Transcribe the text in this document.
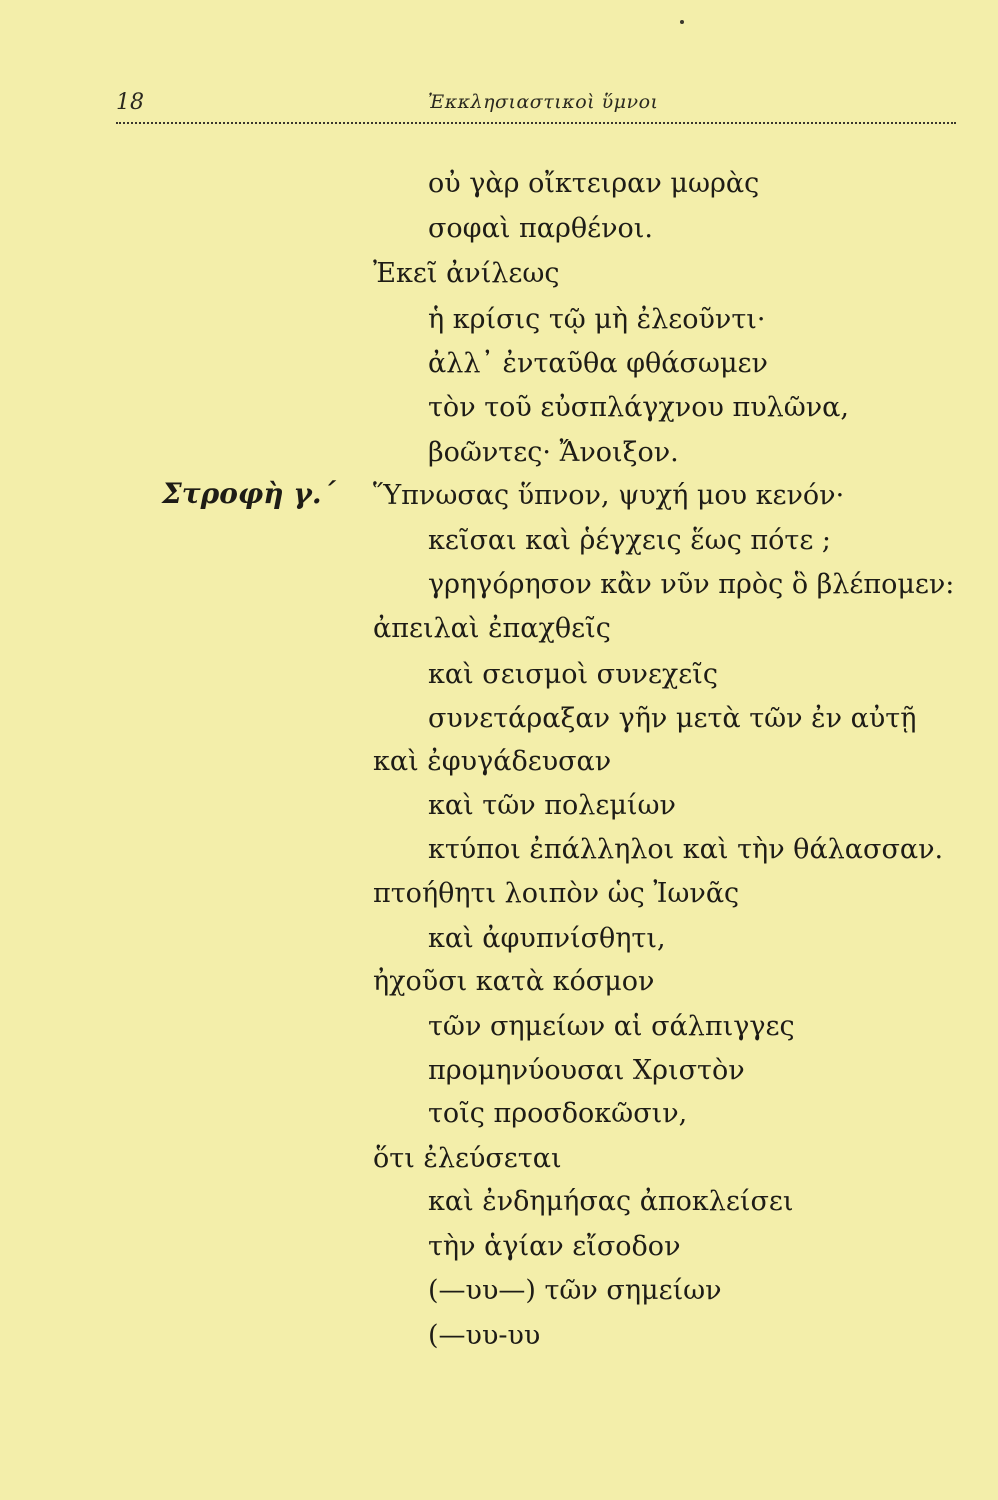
18	Ἐκκλησιαστικοὶ ὕμνοι
Στροφὴ γ.΄
οὐ γὰρ οἴκτειραν μωρὰς
σοφαὶ παρθένοι.
Ἐκεῖ ἀνίλεως
ἡ κρίσις τῷ μὴ ἐλεοῦντι·
ἀλλ᾿ ἐνταῦθα φθάσωμεν
τὸν τοῦ εὐσπλάγχνου πυλῶνα,
βοῶντες· Ἄνοιξον.
Ὕπνωσας ὕπνον, ψυχή μου κενόν·
κεῖσαι καὶ ῥέγχεις ἕως πότε ;
γρηγόρησον κἂν νῦν πρὸς ὃ βλέπομεν:
ἀπειλαὶ ἐπαχθεῖς
καὶ σεισμοὶ συνεχεῖς
συνετάραξαν γῆν μετὰ τῶν ἐν αὐτῇ
καὶ ἐφυγάδευσαν
καὶ τῶν πολεμίων
κτύποι ἐπάλληλοι καὶ τὴν θάλασσαν.
πτοήθητι λοιπὸν ὡς Ἰωνᾶς
καὶ ἀφυπνίσθητι,
ἠχοῦσι κατὰ κόσμον
τῶν σημείων αἱ σάλπιγγες
προμηνύουσαι Χριστὸν
τοῖς προσδοκῶσιν,
ὅτι ἐλεύσεται
καὶ ἐνδημήσας ἀποκλείσει
τὴν ἁγίαν εἴσοδον
(—υυ—) τῶν σημείων
(—υυ-υυ
